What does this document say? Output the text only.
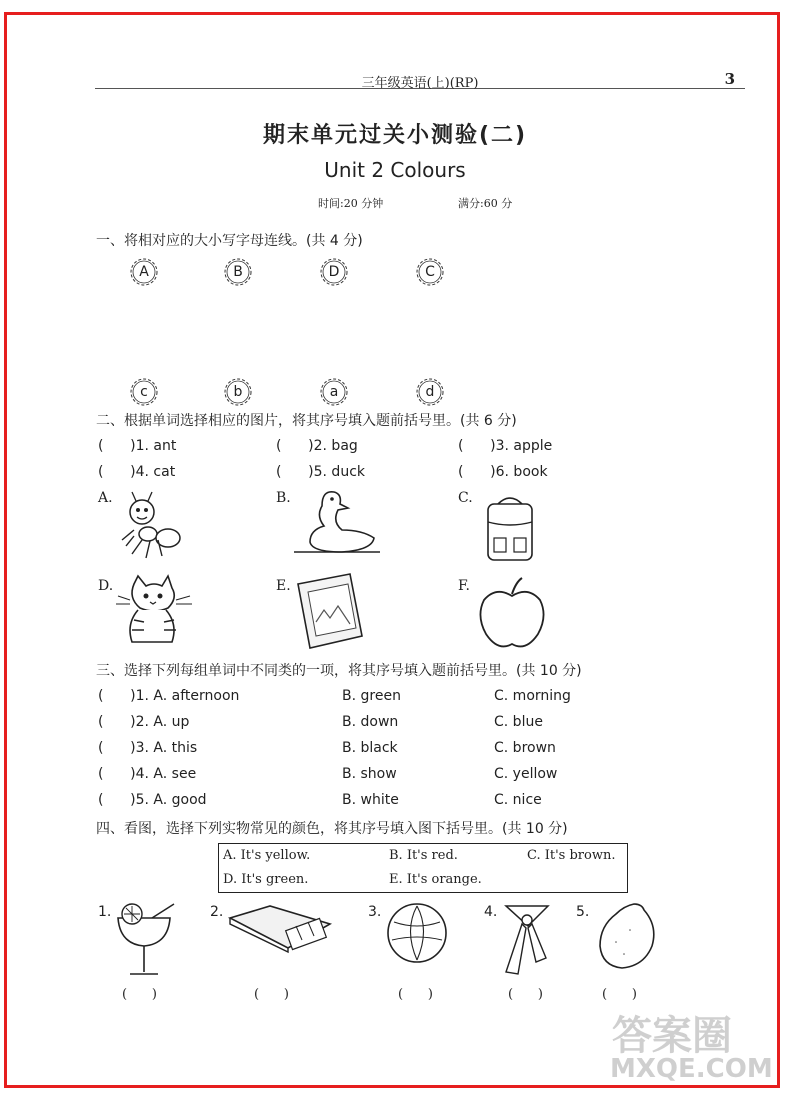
三年级英语(上)(RP)	3
期末单元过关小测验(二)
Unit 2 Colours
时间:20 分钟	满分:60 分
一、将相对应的大小写字母连线。(共 4 分)
A	B	D	C
c	b	a	d
二、根据单词选择相应的图片，将其序号填入题前括号里。(共 6 分)
(      )1. ant	(      )2. bag	(      )3. apple
(      )4. cat	(      )5. duck	(      )6. book
A.	B.	C.
D.	E.	F.
三、选择下列每组单词中不同类的一项，将其序号填入题前括号里。(共 10 分)
(      )1. A. afternoon	B. green	C. morning
(      )2. A. up	B. down	C. blue
(      )3. A. this	B. black	C. brown
(      )4. A. see	B. show	C. yellow
(      )5. A. good	B. white	C. nice
四、看图，选择下列实物常见的颜色，将其序号填入图下括号里。(共 10 分)
A. It's yellow.	B. It's red.	C. It's brown.
D. It's green.	E. It's orange.
1.	2.	3.	4.	5.
(      )	(      )	(      )	(      )	(      )
答案圈
MXQE.COM
